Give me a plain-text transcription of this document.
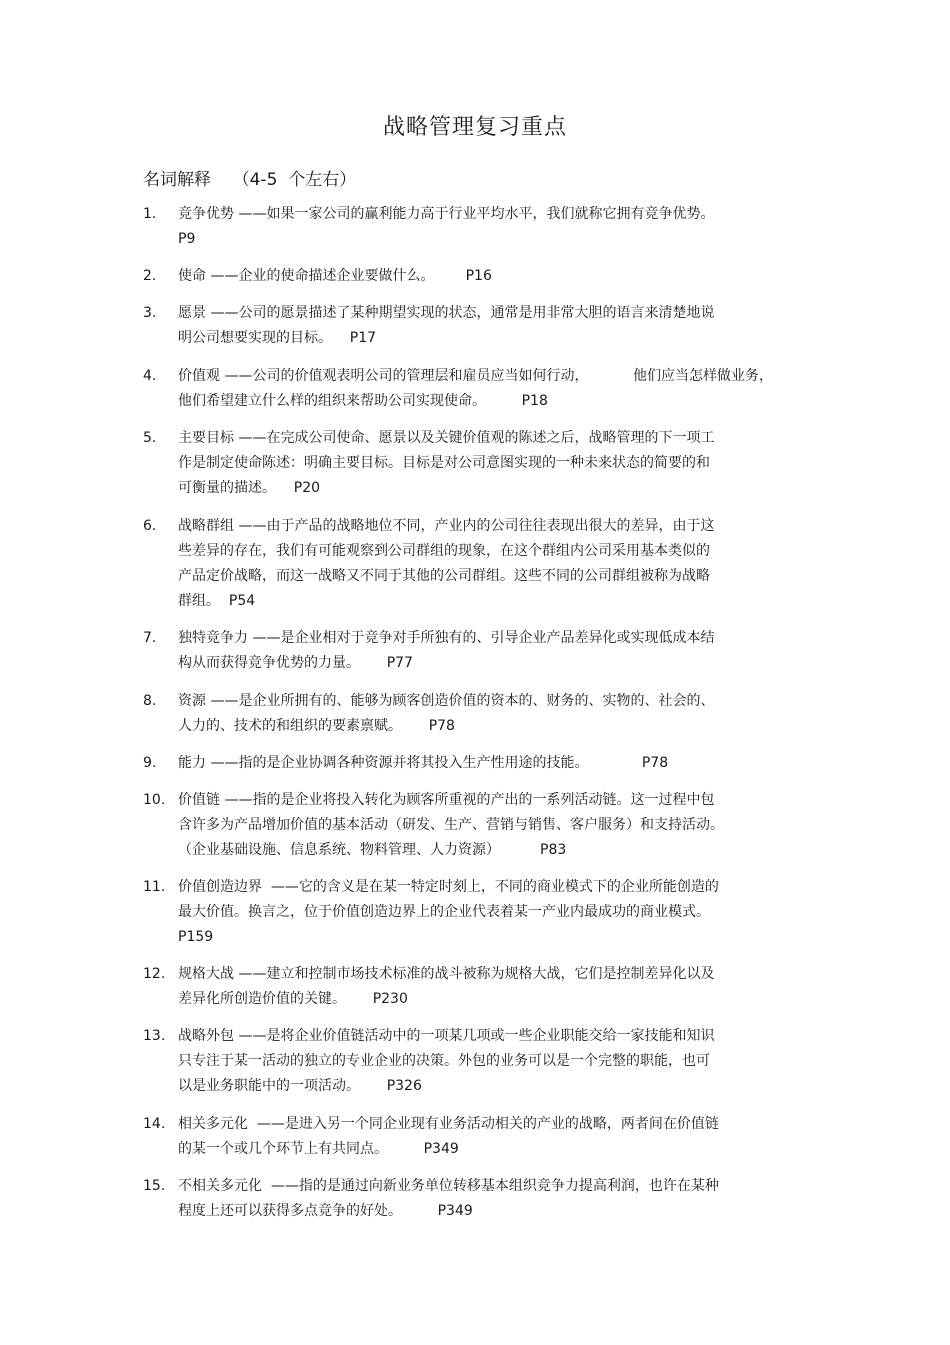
战略管理复习重点
名词解释    （4-5  个左右）
1.	竞争优势 ——如果一家公司的赢利能力高于行业平均水平，我们就称它拥有竞争优势。
P9
2.	使命 ——企业的使命描述企业要做什么。       P16
3.	愿景 ——公司的愿景描述了某种期望实现的状态，通常是用非常大胆的语言来清楚地说
明公司想要实现的目标。    P17
4.	价值观 ——公司的价值观表明公司的管理层和雇员应当如何行动，          他们应当怎样做业务，
他们希望建立什么样的组织来帮助公司实现使命。        P18
5.	主要目标 ——在完成公司使命、愿景以及关键价值观的陈述之后，战略管理的下一项工
作是制定使命陈述：明确主要目标。目标是对公司意图实现的一种未来状态的简要的和
可衡量的描述。    P20
6.	战略群组 ——由于产品的战略地位不同，产业内的公司往往表现出很大的差异，由于这
些差异的存在，我们有可能观察到公司群组的现象，在这个群组内公司采用基本类似的
产品定价战略，而这一战略又不同于其他的公司群组。这些不同的公司群组被称为战略
群组。  P54
7.	独特竞争力 ——是企业相对于竞争对手所独有的、引导企业产品差异化或实现低成本结
构从而获得竞争优势的力量。      P77
8.	资源 ——是企业所拥有的、能够为顾客创造价值的资本的、财务的、实物的、社会的、
人力的、技术的和组织的要素禀赋。      P78
9.	能力 ——指的是企业协调各种资源并将其投入生产性用途的技能。            P78
10. 价值链 ——指的是企业将投入转化为顾客所重视的产出的一系列活动链。这一过程中包
含许多为产品增加价值的基本活动（研发、生产、营销与销售、客户服务）和支持活动。
（企业基础设施、信息系统、物料管理、人力资源）         P83
11. 价值创造边界  ——它的含义是在某一特定时刻上，不同的商业模式下的企业所能创造的
最大价值。换言之，位于价值创造边界上的企业代表着某一产业内最成功的商业模式。
P159
12. 规格大战 ——建立和控制市场技术标准的战斗被称为规格大战，它们是控制差异化以及
差异化所创造价值的关键。      P230
13. 战略外包 ——是将企业价值链活动中的一项某几项或一些企业职能交给一家技能和知识
只专注于某一活动的独立的专业企业的决策。外包的业务可以是一个完整的职能，也可
以是业务职能中的一项活动。      P326
14. 相关多元化  ——是进入另一个同企业现有业务活动相关的产业的战略，两者间在价值链
的某一个或几个环节上有共同点。        P349
15. 不相关多元化  ——指的是通过向新业务单位转移基本组织竞争力提高利润，也许在某种
程度上还可以获得多点竞争的好处。        P349
